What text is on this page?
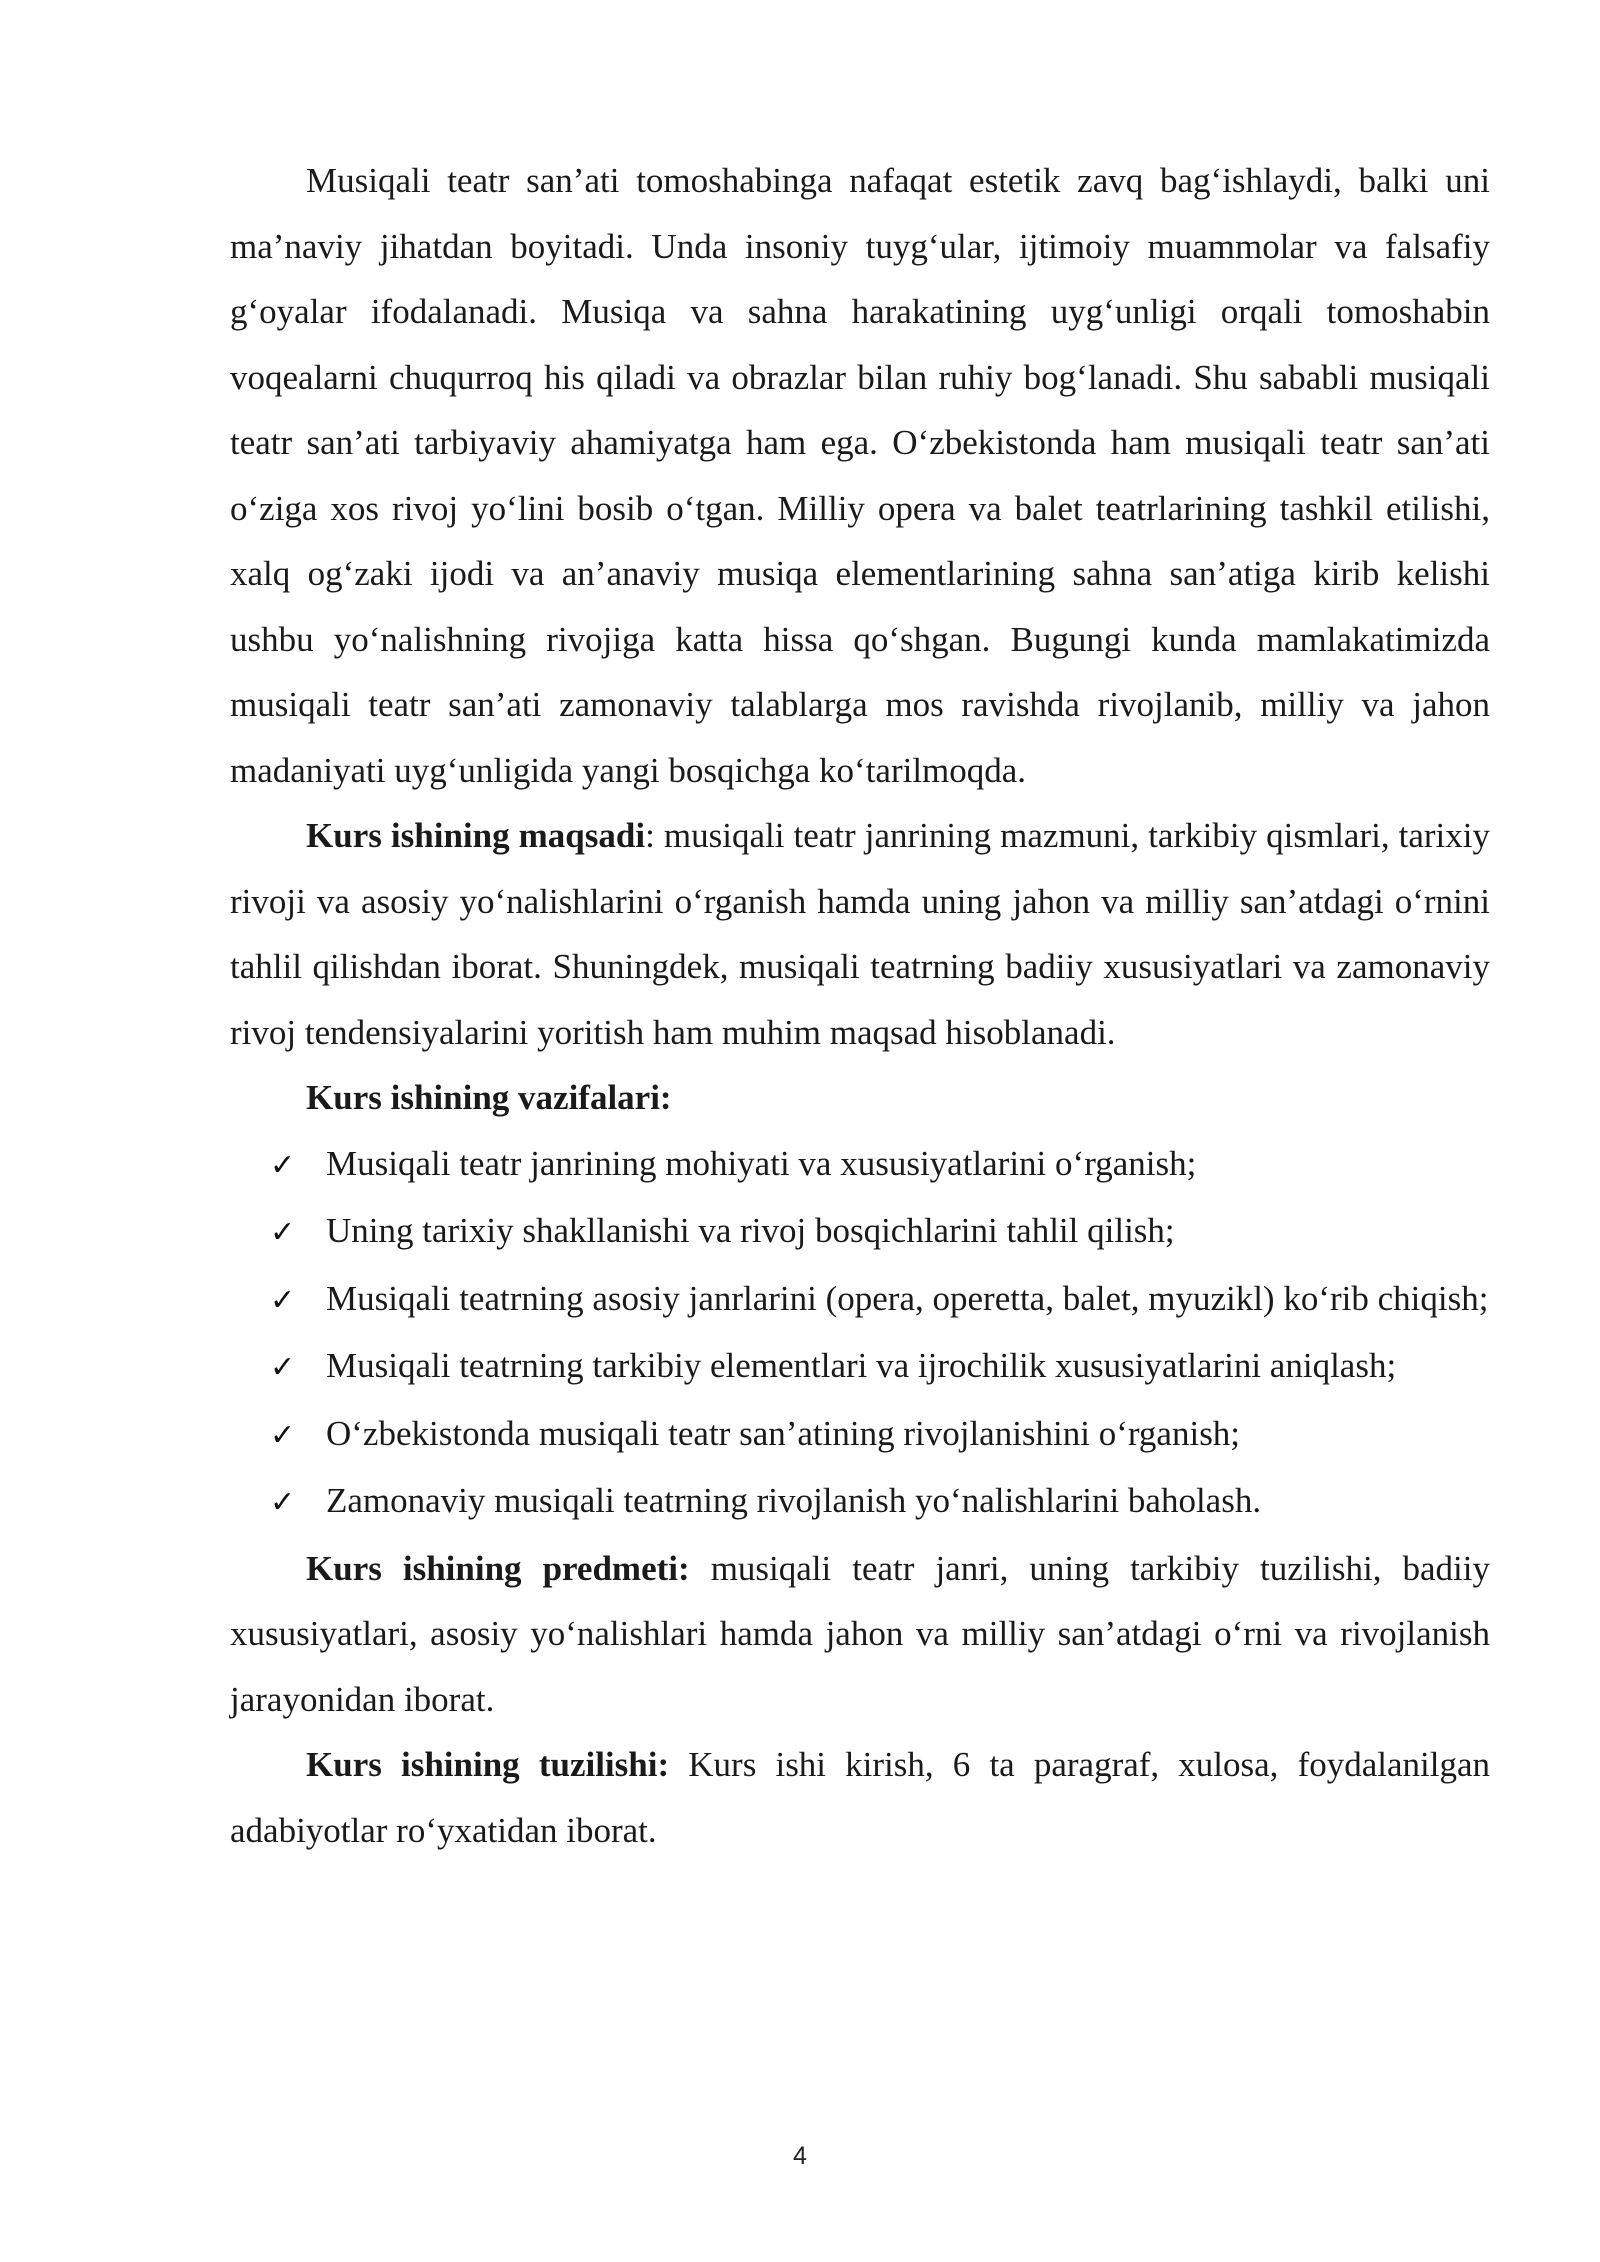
Musiqali teatr san’ati tomoshabinga nafaqat estetik zavq bag‘ishlaydi, balki uni ma’naviy jihatdan boyitadi. Unda insoniy tuyg‘ular, ijtimoiy muammolar va falsafiy g‘oyalar ifodalanadi. Musiqa va sahna harakatining uyg‘unligi orqali tomoshabin voqealarni chuqurroq his qiladi va obrazlar bilan ruhiy bog‘lanadi. Shu sababli musiqali teatr san’ati tarbiyaviy ahamiyatga ham ega. O‘zbekistonda ham musiqali teatr san’ati o‘ziga xos rivoj yo‘lini bosib o‘tgan. Milliy opera va balet teatrlarining tashkil etilishi, xalq og‘zaki ijodi va an’anaviy musiqa elementlarining sahna san’atiga kirib kelishi ushbu yo‘nalishning rivojiga katta hissa qo‘shgan. Bugungi kunda mamlakatimizda musiqali teatr san’ati zamonaviy talablarga mos ravishda rivojlanib, milliy va jahon madaniyati uyg‘unligida yangi bosqichga ko‘tarilmoqda.

Kurs ishining maqsadi: musiqali teatr janrining mazmuni, tarkibiy qismlari, tarixiy rivoji va asosiy yo‘nalishlarini o‘rganish hamda uning jahon va milliy san’atdagi o‘rnini tahlil qilishdan iborat. Shuningdek, musiqali teatrning badiiy xususiyatlari va zamonaviy rivoj tendensiyalarini yoritish ham muhim maqsad hisoblanadi.

Kurs ishining vazifalari:

✓ Musiqali teatr janrining mohiyati va xususiyatlarini o‘rganish;
✓ Uning tarixiy shakllanishi va rivoj bosqichlarini tahlil qilish;
✓ Musiqali teatrning asosiy janrlarini (opera, operetta, balet, myuzikl) ko‘rib chiqish;
✓ Musiqali teatrning tarkibiy elementlari va ijrochilik xususiyatlarini aniqlash;
✓ O‘zbekistonda musiqali teatr san’atining rivojlanishini o‘rganish;
✓ Zamonaviy musiqali teatrning rivojlanish yo‘nalishlarini baholash.

Kurs ishining predmeti: musiqali teatr janri, uning tarkibiy tuzilishi, badiiy xususiyatlari, asosiy yo‘nalishlari hamda jahon va milliy san’atdagi o‘rni va rivojlanish jarayonidan iborat.

Kurs ishining tuzilishi: Kurs ishi kirish, 6 ta paragraf, xulosa, foydalanilgan adabiyotlar ro‘yxatidan iborat.

4
